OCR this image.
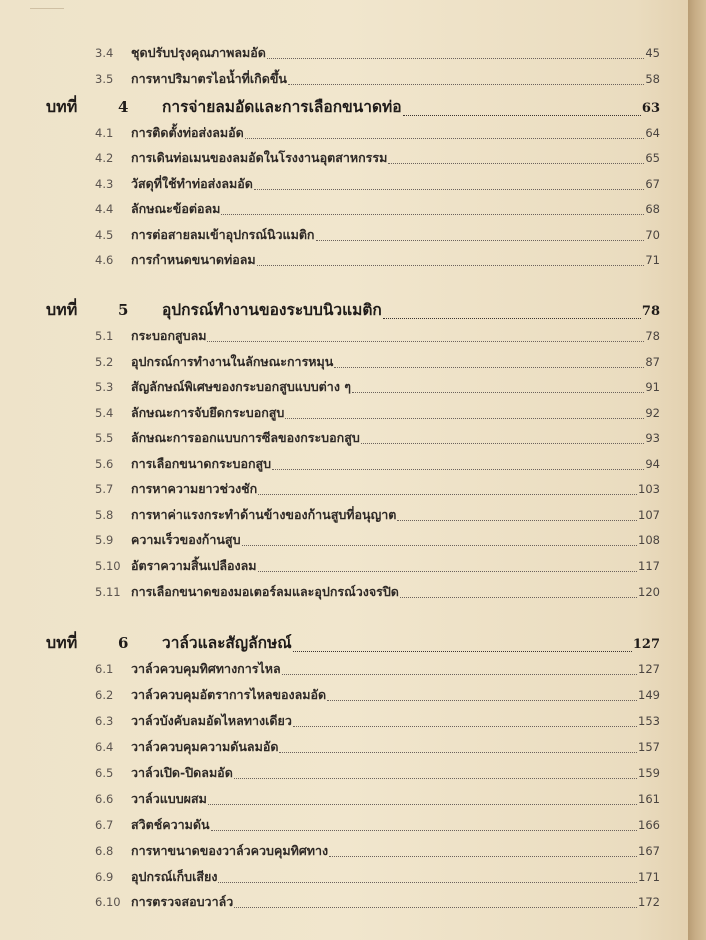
3.4	ชุดปรับปรุงคุณภาพลมอัด	45
3.5	การหาปริมาตรไอน้ำที่เกิดขึ้น	58
บทที่	4	การจ่ายลมอัดและการเลือกขนาดท่อ	63
4.1	การติดตั้งท่อส่งลมอัด	64
4.2	การเดินท่อเมนของลมอัดในโรงงานอุตสาหกรรม	65
4.3	วัสดุที่ใช้ทำท่อส่งลมอัด	67
4.4	ลักษณะข้อต่อลม	68
4.5	การต่อสายลมเข้าอุปกรณ์นิวแมติก	70
4.6	การกำหนดขนาดท่อลม	71
บทที่	5	อุปกรณ์ทำงานของระบบนิวแมติก	78
5.1	กระบอกสูบลม	78
5.2	อุปกรณ์การทำงานในลักษณะการหมุน	87
5.3	สัญลักษณ์พิเศษของกระบอกสูบแบบต่าง ๆ	91
5.4	ลักษณะการจับยึดกระบอกสูบ	92
5.5	ลักษณะการออกแบบการซีลของกระบอกสูบ	93
5.6	การเลือกขนาดกระบอกสูบ	94
5.7	การหาความยาวช่วงชัก	103
5.8	การหาค่าแรงกระทำด้านข้างของก้านสูบที่อนุญาต	107
5.9	ความเร็วของก้านสูบ	108
5.10 อัตราความสิ้นเปลืองลม	117
5.11 การเลือกขนาดของมอเตอร์ลมและอุปกรณ์วงจรปิด	120
บทที่	6	วาล์วและสัญลักษณ์	127
6.1	วาล์วควบคุมทิศทางการไหล	127
6.2	วาล์วควบคุมอัตราการไหลของลมอัด	149
6.3	วาล์วบังคับลมอัดไหลทางเดียว	153
6.4	วาล์วควบคุมความดันลมอัด	157
6.5	วาล์วเปิด-ปิดลมอัด	159
6.6	วาล์วแบบผสม	161
6.7	สวิตช์ความดัน	166
6.8	การหาขนาดของวาล์วควบคุมทิศทาง	167
6.9	อุปกรณ์เก็บเสียง	171
6.10 การตรวจสอบวาล์ว	172
